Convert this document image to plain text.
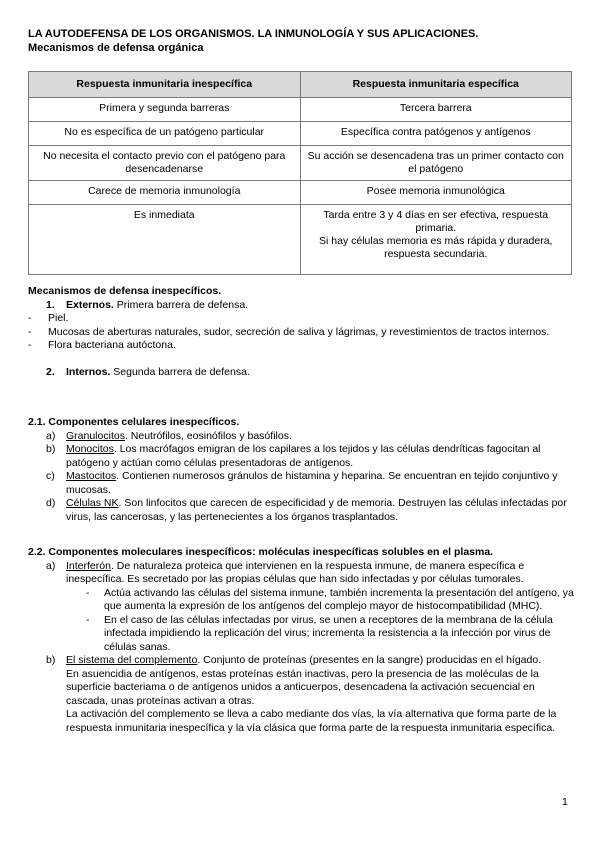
LA AUTODEFENSA DE LOS ORGANISMOS. LA INMUNOLOGÍA Y SUS APLICACIONES.
Mecanismos de defensa orgánica
Respuesta inmunitaria inespecífica	Respuesta inmunitaria específica
Primera y segunda barreras	Tercera barrera
No es específica de un patógeno particular	Específica contra patógenos y antígenos
No necesita el contacto previo con el patógeno para desencadenarse	Su acción se desencadena tras un primer contacto con el patógeno
Carece de memoria inmunología	Posee memoria inmunológica
Es inmediata	Tarda entre 3 y 4 días en ser efectiva, respuesta primaria.
Si hay células memoria es más rápida y duradera, respuesta secundaria.
Mecanismos de defensa inespecíficos.
1.	Externos. Primera barrera de defensa.
-	Piel.
-	Mucosas de aberturas naturales, sudor, secreción de saliva y lágrimas, y revestimientos de tractos internos.
-	Flora bacteriana autóctona.
2.	Internos. Segunda barrera de defensa.
2.1. Componentes celulares inespecíficos.
a)	Granulocitos. Neutrófilos, eosinófilos y basófilos.
b)	Monocitos. Los macrófagos emigran de los capilares a los tejidos y las células dendríticas fagocitan al patógeno y actúan como células presentadoras de antígenos.
c)	Mastocitos. Contienen numerosos gránulos de histamina y heparina. Se encuentran en tejido conjuntivo y mucosas.
d)	Células NK. Son linfocitos que carecen de especificidad y de memoria. Destruyen las células infectadas por virus, las cancerosas, y las pertenecientes a los órganos trasplantados.
2.2. Componentes moleculares inespecíficos: moléculas inespecíficas solubles en el plasma.
a)	Interferón. De naturaleza proteica que intervienen en la respuesta inmune, de manera específica e inespecífica. Es secretado por las propias células que han sido infectadas y por células tumorales.
-	Actúa activando las células del sistema inmune, también incrementa la presentación del antígeno, ya que aumenta la expresión de los antígenos del complejo mayor de histocompatibilidad (MHC).
-	En el caso de las células infectadas por virus, se unen a receptores de la membrana de la célula infectada impidiendo la replicación del virus; incrementa la resistencia a la infección por virus de células sanas.
b)	El sistema del complemento. Conjunto de proteínas (presentes en la sangre) producidas en el hígado.
En asuencidia de antígenos, estas proteínas están inactivas, pero la presencia de las moléculas de la superficie bacteriama o de antígenos unidos a anticuerpos, desencadena la activación secuencial en cascada, unas proteínas activan a otras.
La activación del complemento se lleva a cabo mediante dos vías, la vía alternativa que forma parte de la respuesta inmunitaria inespecífica y la vía clásica que forma parte de la respuesta inmunitaria específica.
1
